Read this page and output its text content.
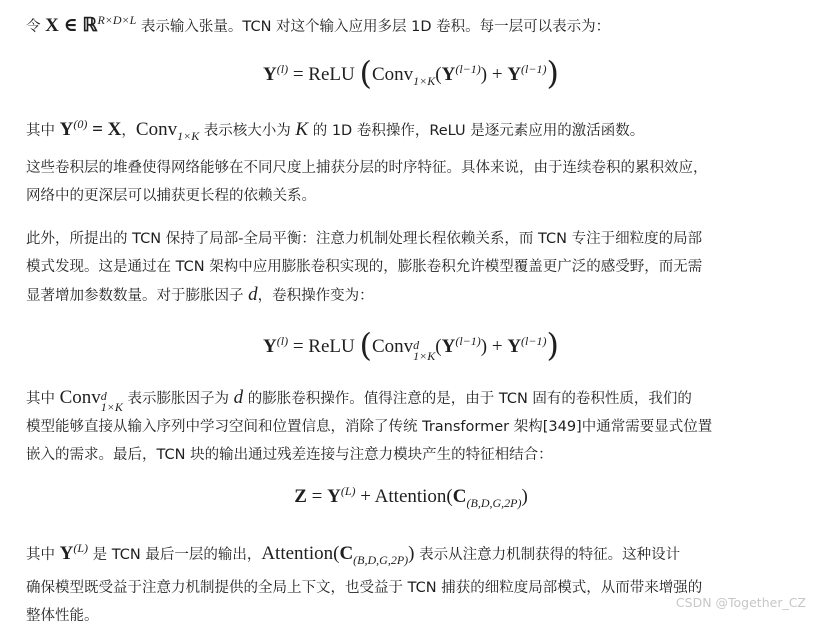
令 X ∈ ℝ$^{R\times D\times L}$ 表示输入张量。TCN 对这个输入应用多层 1D 卷积。每一层可以表示为：
$Y^{(l)}$ = ReLU $(Conv_{1\times K}(Y^{(l-1)}) + Y^{(l-1)})$
其中 $Y^{(0)} = X$，Conv$_{1\times K}$ 表示核大小为 K 的 1D 卷积操作，ReLU 是逐元素应用的激活函数。
这些卷积层的堆叠使得网络能够在不同尺度上捕获分层的时序特征。具体来说，由于连续卷积的累积效应，
网络中的更深层可以捕获更长程的依赖关系。
此外，所提出的 TCN 保持了局部-全局平衡：注意力机制处理长程依赖关系，而 TCN 专注于细粒度的局部
模式发现。这是通过在 TCN 架构中应用膨胀卷积实现的，膨胀卷积允许模型覆盖更广泛的感受野，而无需
显著增加参数数量。对于膨胀因子 d，卷积操作变为：
$Y^{(l)}$ = ReLU (Conv d
1×K $(Y^{(l-1)}) + Y^{(l-1)}$)
其中 Conv d
1×K 表示膨胀因子为 d 的膨胀卷积操作。值得注意的是，由于 TCN 固有的卷积性质，我们的
模型能够直接从输入序列中学习空间和位置信息，消除了传统 Transformer 架构[349]中通常需要显式位置
嵌入的需求。最后，TCN 块的输出通过残差连接与注意力模块产生的特征相结合：
$Z = Y^{(L)}$ + $Attention(C_{(B,D,G,2P)})$
其中 $Y^{(L)}$ 是 TCN 最后一层的输出，$Attention(C_{(B,D,G,2P)})$ 表示从注意力机制获得的特征。这种设计
确保模型既受益于注意力机制提供的全局上下文，也受益于 TCN 捕获的细粒度局部模式，从而带来增强的
整体性能。
CSDN @Together_CZ
